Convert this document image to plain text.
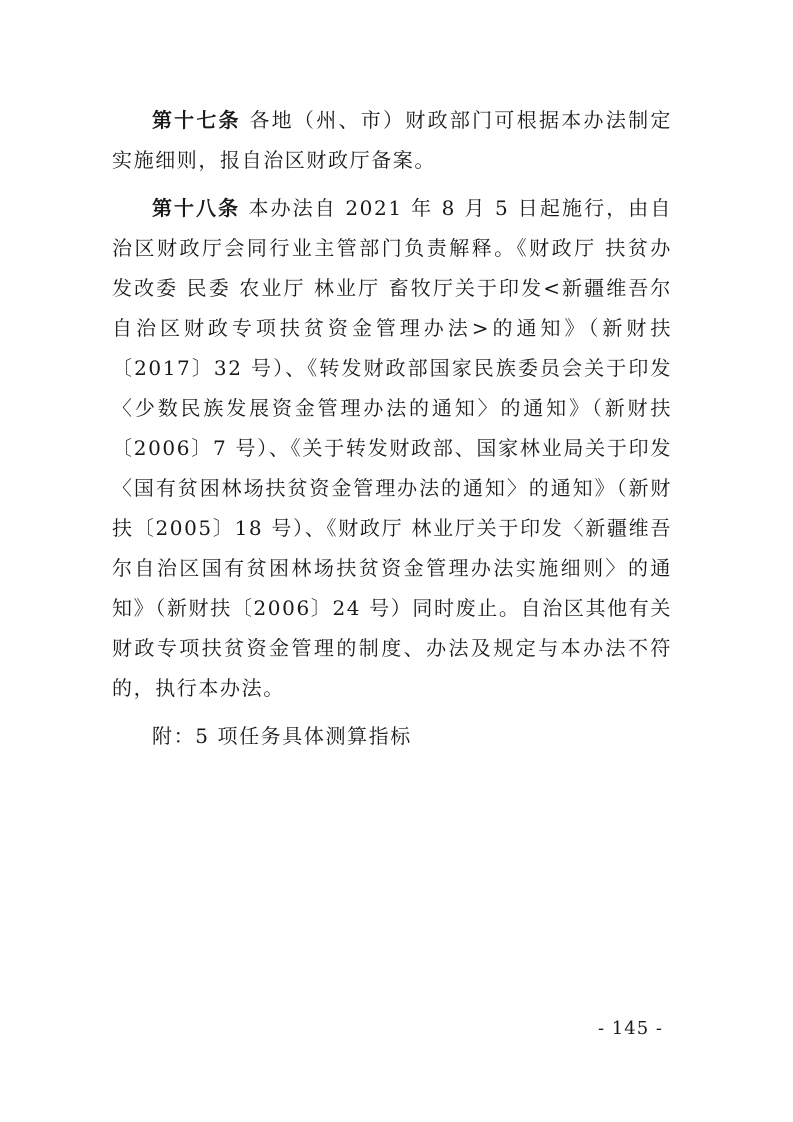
第十七条 各地（州、市）财政部门可根据本办法制定实施细则，报自治区财政厅备案。

第十八条 本办法自 2021 年 8 月 5 日起施行，由自治区财政厅会同行业主管部门负责解释。《财政厅 扶贫办 发改委 民委 农业厅 林业厅 畜牧厅关于印发<新疆维吾尔自治区财政专项扶贫资金管理办法>的通知》（新财扶〔2017〕32 号）、《转发财政部国家民族委员会关于印发〈少数民族发展资金管理办法的通知〉的通知》（新财扶〔2006〕7 号）、《关于转发财政部、国家林业局关于印发〈国有贫困林场扶贫资金管理办法的通知〉的通知》（新财扶〔2005〕18 号）、《财政厅 林业厅关于印发〈新疆维吾尔自治区国有贫困林场扶贫资金管理办法实施细则〉的通知》（新财扶〔2006〕24 号）同时废止。自治区其他有关财政专项扶贫资金管理的制度、办法及规定与本办法不符的，执行本办法。

附：5 项任务具体测算指标

- 145 -
